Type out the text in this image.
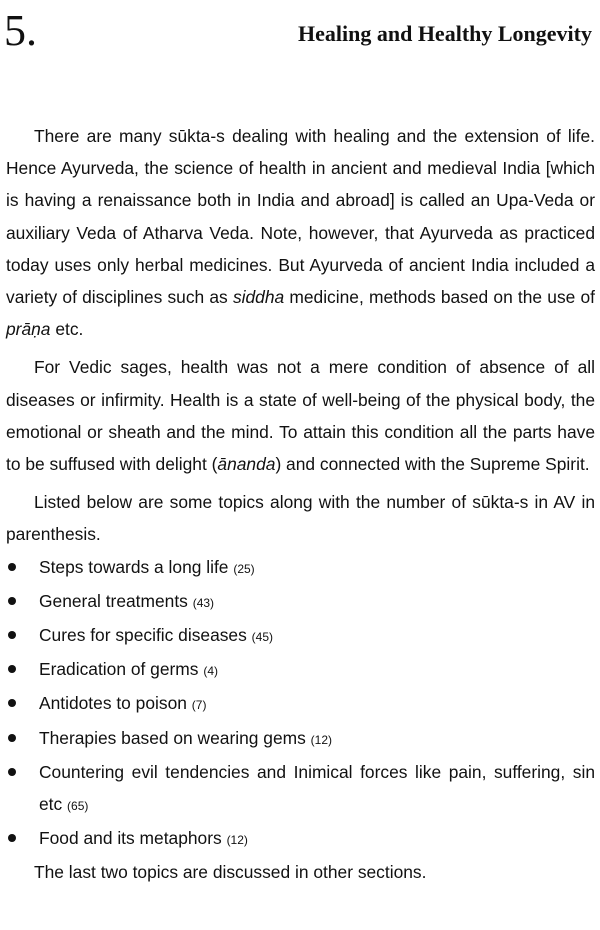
5.	Healing and Healthy Longevity

There are many sūkta-s dealing with healing and the extension of life. Hence Ayurveda, the science of health in ancient and medieval India [which is having a renaissance both in India and abroad] is called an Upa-Veda or auxiliary Veda of Atharva Veda. Note, however, that Ayurveda as practiced today uses only herbal medicines. But Ayurveda of ancient India included a variety of disciplines such as siddha medicine, methods based on the use of prāṇa etc.

For Vedic sages, health was not a mere condition of absence of all diseases or infirmity. Health is a state of well-being of the physical body, the emotional or sheath and the mind. To attain this condition all the parts have to be suffused with delight (ānanda) and connected with the Supreme Spirit.

Listed below are some topics along with the number of sūkta-s in AV in parenthesis.

Steps towards a long life (25)
General treatments (43)
Cures for specific diseases (45)
Eradication of germs (4)
Antidotes to poison (7)
Therapies based on wearing gems (12)
Countering evil tendencies and Inimical forces like pain, suffering, sin etc (65)
Food and its metaphors (12)

The last two topics are discussed in other sections.
